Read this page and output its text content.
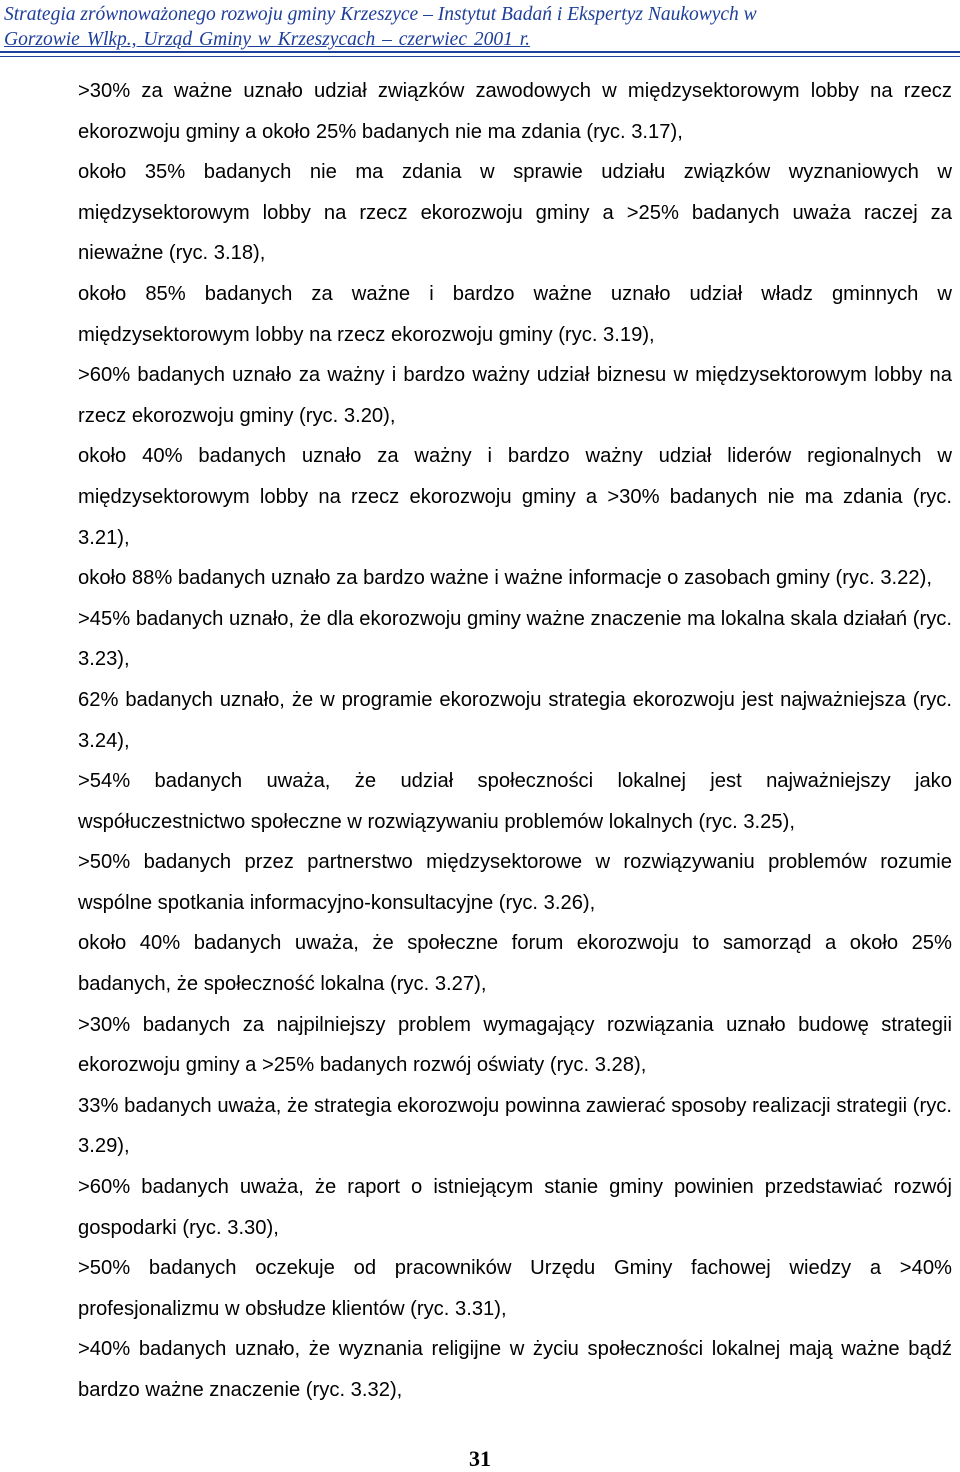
Strategia zrównoważonego rozwoju gminy Krzeszyce – Instytut Badań i Ekspertyz Naukowych w
Gorzowie Wlkp., Urząd Gminy w Krzeszycach – czerwiec 2001 r.
>30% za ważne uznało udział związków zawodowych w międzysektorowym lobby na rzecz ekorozwoju gminy a około 25% badanych nie ma zdania (ryc. 3.17),
około 35% badanych nie ma zdania w sprawie udziału związków wyznaniowych w międzysektorowym lobby na rzecz ekorozwoju gminy a >25% badanych uważa raczej za nieważne (ryc. 3.18),
około 85% badanych za ważne i bardzo ważne uznało udział władz gminnych w międzysektorowym lobby na rzecz ekorozwoju gminy (ryc. 3.19),
>60% badanych uznało za ważny i bardzo ważny udział biznesu w międzysektorowym lobby na rzecz ekorozwoju gminy (ryc. 3.20),
około 40% badanych uznało za ważny i bardzo ważny udział liderów regionalnych w międzysektorowym lobby na rzecz ekorozwoju gminy a >30% badanych nie ma zdania (ryc. 3.21),
około 88% badanych uznało za bardzo ważne i ważne informacje o zasobach gminy (ryc. 3.22),
>45% badanych uznało, że dla ekorozwoju gminy ważne znaczenie ma lokalna skala działań (ryc. 3.23),
62% badanych uznało, że w programie ekorozwoju strategia ekorozwoju jest najważniejsza (ryc. 3.24),
>54% badanych uważa, że udział społeczności lokalnej jest najważniejszy jako współuczestnictwo społeczne w rozwiązywaniu problemów lokalnych (ryc. 3.25),
>50% badanych przez partnerstwo międzysektorowe w rozwiązywaniu problemów rozumie wspólne spotkania informacyjno-konsultacyjne (ryc. 3.26),
około 40% badanych uważa, że społeczne forum ekorozwoju to samorząd a około 25% badanych, że społeczność lokalna (ryc. 3.27),
>30% badanych za najpilniejszy problem wymagający rozwiązania uznało budowę strategii ekorozwoju gminy a >25% badanych rozwój oświaty (ryc. 3.28),
33% badanych uważa, że strategia ekorozwoju powinna zawierać sposoby realizacji strategii (ryc. 3.29),
>60% badanych uważa, że raport o istniejącym stanie gminy powinien przedstawiać rozwój gospodarki (ryc. 3.30),
>50% badanych oczekuje od pracowników Urzędu Gminy fachowej wiedzy a >40% profesjonalizmu w obsłudze klientów (ryc. 3.31),
>40% badanych uznało, że wyznania religijne w życiu społeczności lokalnej mają ważne bądź bardzo ważne znaczenie (ryc. 3.32),
31
